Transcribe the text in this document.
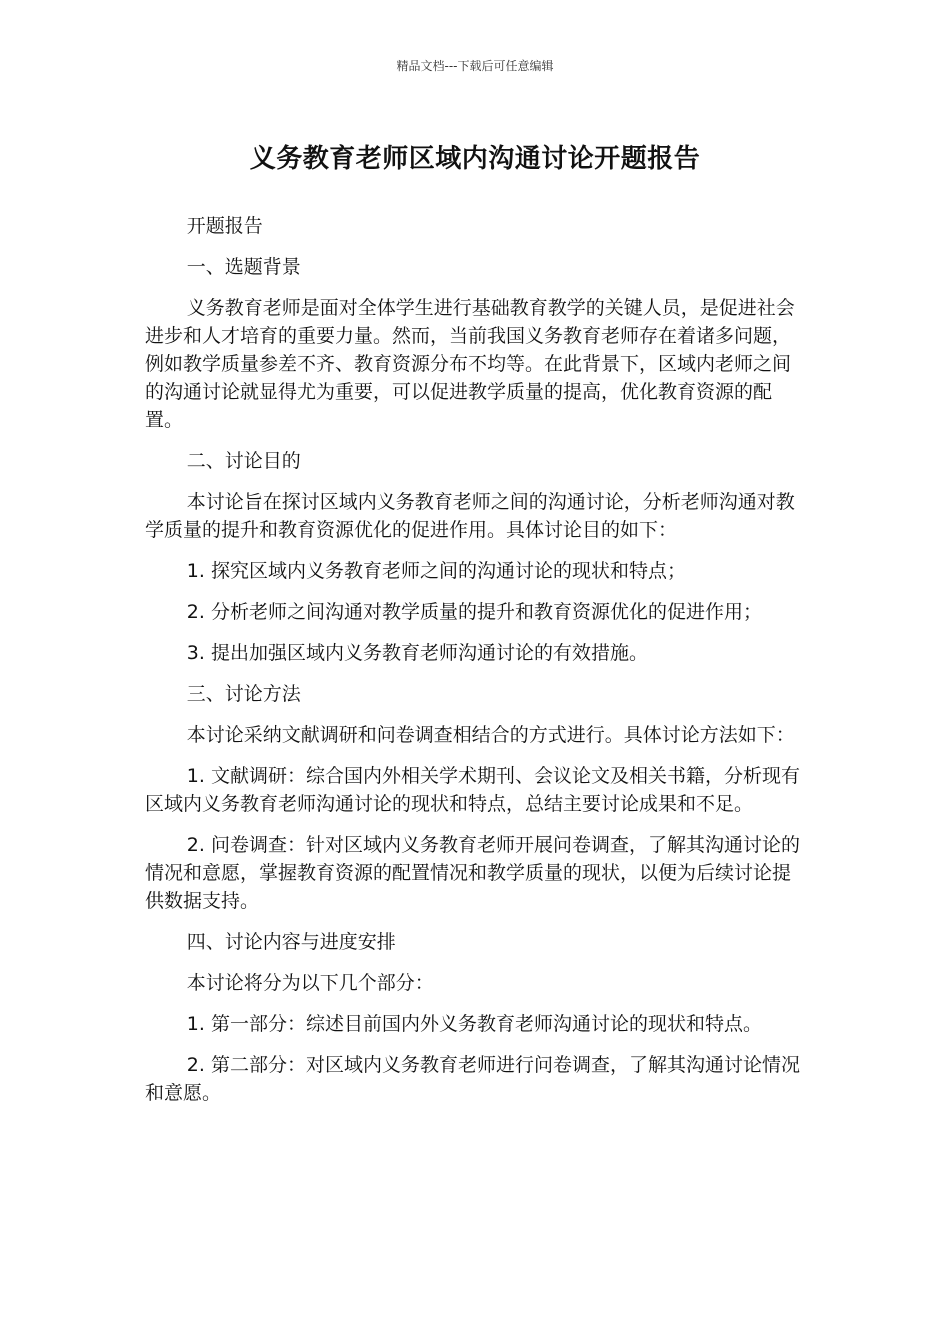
精品文档---下载后可任意编辑
义务教育老师区域内沟通讨论开题报告

开题报告

一、选题背景

义务教育老师是面对全体学生进行基础教育教学的关键人员，是促进社会进步和人才培育的重要力量。然而，当前我国义务教育老师存在着诸多问题，例如教学质量参差不齐、教育资源分布不均等。在此背景下，区域内老师之间的沟通讨论就显得尤为重要，可以促进教学质量的提高，优化教育资源的配置。

二、讨论目的

本讨论旨在探讨区域内义务教育老师之间的沟通讨论，分析老师沟通对教学质量的提升和教育资源优化的促进作用。具体讨论目的如下：

1. 探究区域内义务教育老师之间的沟通讨论的现状和特点；

2. 分析老师之间沟通对教学质量的提升和教育资源优化的促进作用；

3. 提出加强区域内义务教育老师沟通讨论的有效措施。

三、讨论方法

本讨论采纳文献调研和问卷调查相结合的方式进行。具体讨论方法如下：

1. 文献调研：综合国内外相关学术期刊、会议论文及相关书籍，分析现有区域内义务教育老师沟通讨论的现状和特点，总结主要讨论成果和不足。

2. 问卷调查：针对区域内义务教育老师开展问卷调查，了解其沟通讨论的情况和意愿，掌握教育资源的配置情况和教学质量的现状，以便为后续讨论提供数据支持。

四、讨论内容与进度安排

本讨论将分为以下几个部分：

1. 第一部分：综述目前国内外义务教育老师沟通讨论的现状和特点。

2. 第二部分：对区域内义务教育老师进行问卷调查，了解其沟通讨论情况和意愿。
